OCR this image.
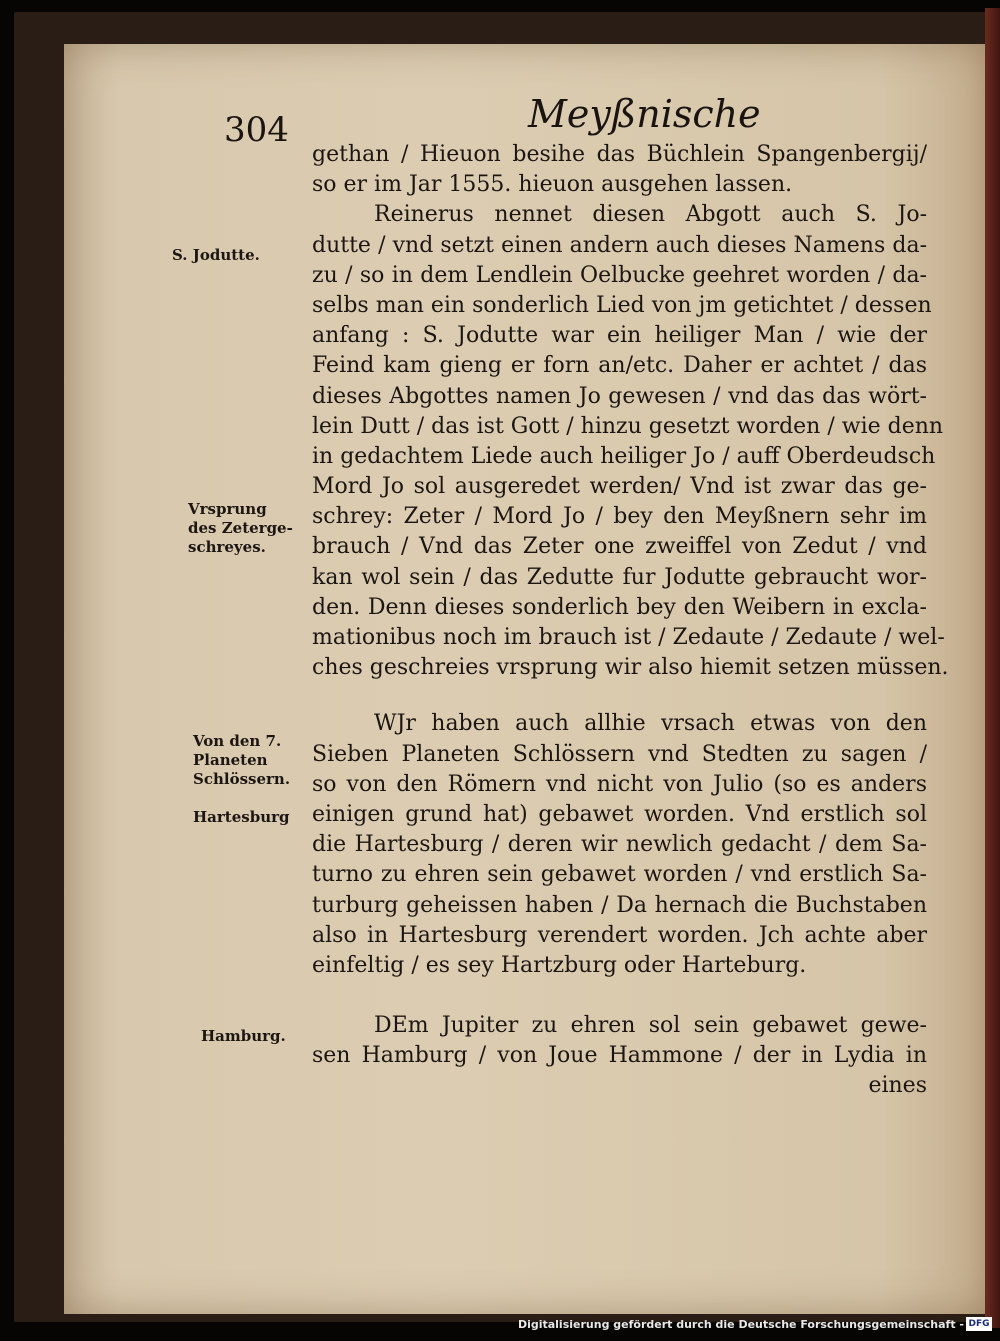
304	Meyßnische
gethan / Hieuon besihe das Büchlein Spangenbergij/
so er im Jar 1555. hieuon ausgehen lassen.
Reinerus nennet diesen Abgott auch S. Jo-
dutte / vnd setzt einen andern auch dieses Namens da-
zu / so in dem Lendlein Oelbucke geehret worden / da-
selbs man ein sonderlich Lied von jm getichtet / dessen
anfang : S. Jodutte war ein heiliger Man / wie der
Feind kam gieng er forn an/etc. Daher er achtet / das
dieses Abgottes namen Jo gewesen / vnd das das wört-
lein Dutt / das ist Gott / hinzu gesetzt worden / wie denn
in gedachtem Liede auch heiliger Jo / auff Oberdeudsch
Mord Jo sol ausgeredet werden/ Vnd ist zwar das ge-
schrey: Zeter / Mord Jo / bey den Meyßnern sehr im
brauch / Vnd das Zeter one zweiffel von Zedut / vnd
kan wol sein / das Zedutte fur Jodutte gebraucht wor-
den. Denn dieses sonderlich bey den Weibern in excla-
mationibus noch im brauch ist / Zedaute / Zedaute / wel-
ches geschreies vrsprung wir also hiemit setzen müssen.
WJr haben auch allhie vrsach etwas von den
Sieben Planeten Schlössern vnd Stedten zu sagen /
so von den Römern vnd nicht von Julio (so es anders
einigen grund hat) gebawet worden. Vnd erstlich sol
die Hartesburg / deren wir newlich gedacht / dem Sa-
turno zu ehren sein gebawet worden / vnd erstlich Sa-
turburg geheissen haben / Da hernach die Buchstaben
also in Hartesburg verendert worden. Jch achte aber
einfeltig / es sey Hartzburg oder Harteburg.
DEm Jupiter zu ehren sol sein gebawet gewe-
sen Hamburg / von Joue Hammone / der in Lydia in
eines
S. Jodutte.
Vrsprung
des Zeterge-
schreyes.
Von den 7.
Planeten
Schlössern.
Hartesburg
Hamburg.
Digitalisierung gefördert durch die Deutsche Forschungsgemeinschaft - DFG
